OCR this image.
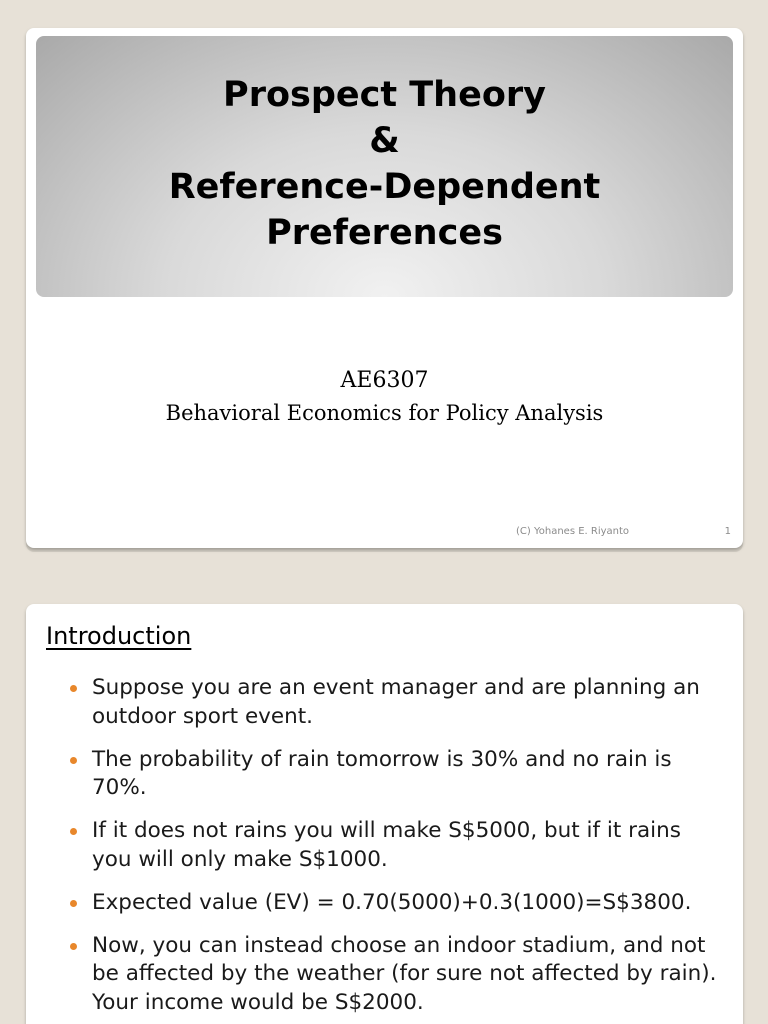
Prospect Theory
&
Reference-Dependent
Preferences
AE6307
Behavioral Economics for Policy Analysis
(C) Yohanes E. Riyanto	1
Introduction
Suppose you are an event manager and are planning an outdoor sport event.
The probability of rain tomorrow is 30% and no rain is 70%.
If it does not rains you will make S$5000, but if it rains you will only make S$1000.
Expected value (EV) = 0.70(5000)+0.3(1000)=S$3800.
Now, you can instead choose an indoor stadium, and not be affected by the weather (for sure not affected by rain). Your income would be S$2000.
